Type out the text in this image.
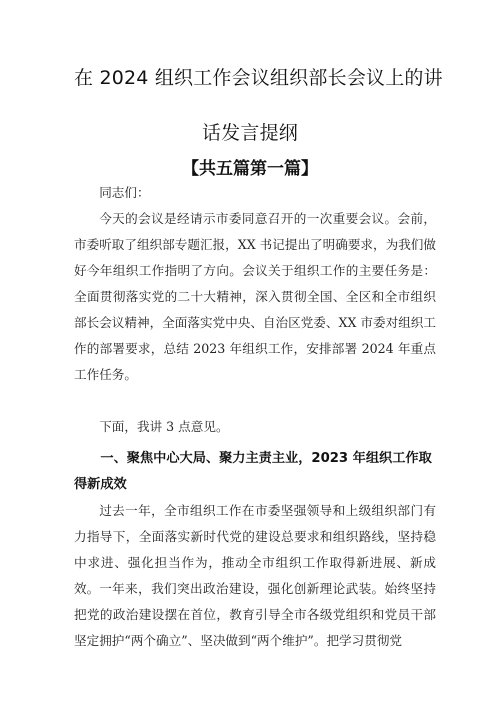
在 2024 组织工作会议组织部长会议上的讲
话发言提纲
【共五篇第一篇】

同志们：

今天的会议是经请示市委同意召开的一次重要会议。会前，市委听取了组织部专题汇报，XX 书记提出了明确要求，为我们做好今年组织工作指明了方向。会议关于组织工作的主要任务是：全面贯彻落实党的二十大精神，深入贯彻全国、全区和全市组织部长会议精神，全面落实党中央、自治区党委、XX 市委对组织工作的部署要求，总结 2023 年组织工作，安排部署 2024 年重点工作任务。

下面，我讲 3 点意见。

一、聚焦中心大局、聚力主责主业，2023 年组织工作取得新成效

过去一年，全市组织工作在市委坚强领导和上级组织部门有力指导下，全面落实新时代党的建设总要求和组织路线，坚持稳中求进、强化担当作为，推动全市组织工作取得新进展、新成效。 一年来，我们突出政治建设，强化创新理论武装。始终坚持把党的政治建设摆在首位，教育引导全市各级党组织和党员干部坚定拥护“两个确立”、坚决做到“两个维护”。把学习贯彻党
